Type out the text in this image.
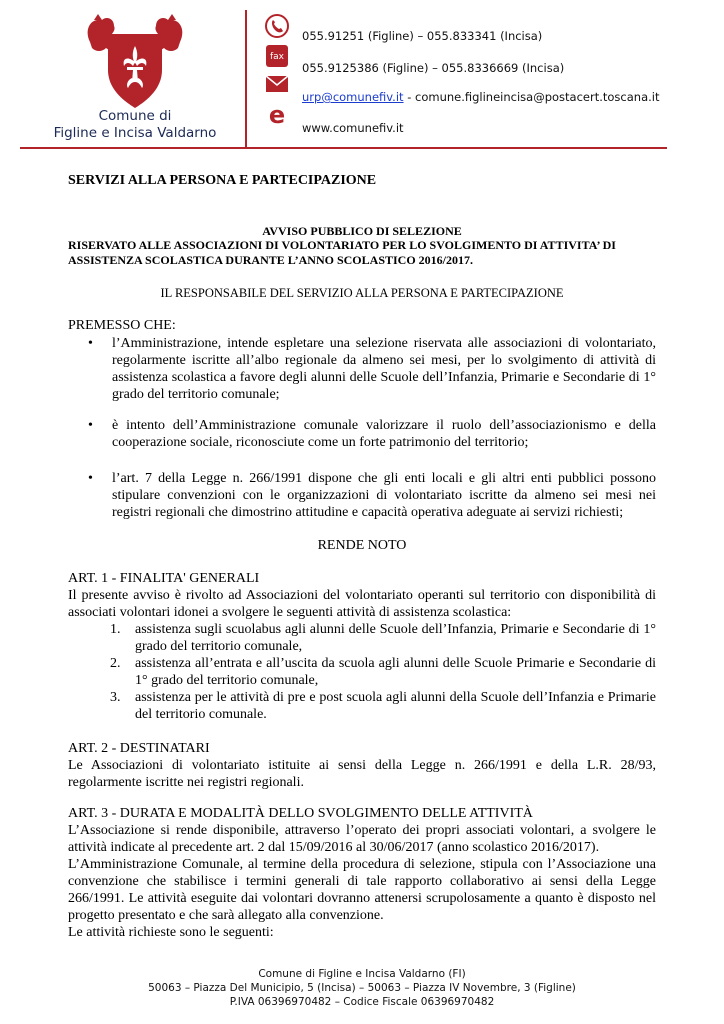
Comune di
Figline e Incisa Valdarno
055.91251 (Figline) – 055.833341 (Incisa)
fax
055.9125386 (Figline) – 055.8336669 (Incisa)
urp@comunefiv.it - comune.figlineincisa@postacert.toscana.it
e www.comunefiv.it
SERVIZI ALLA PERSONA E PARTECIPAZIONE
AVVISO PUBBLICO DI SELEZIONE
RISERVATO ALLE ASSOCIAZIONI DI VOLONTARIATO PER LO SVOLGIMENTO DI ATTIVITA’ DI ASSISTENZA SCOLASTICA DURANTE L’ANNO SCOLASTICO 2016/2017.
IL RESPONSABILE DEL SERVIZIO ALLA PERSONA E PARTECIPAZIONE
PREMESSO CHE:
• l’Amministrazione, intende espletare una selezione riservata alle associazioni di volontariato, regolarmente iscritte all’albo regionale da almeno sei mesi, per lo svolgimento di attività di assistenza scolastica a favore degli alunni delle Scuole dell’Infanzia, Primarie e Secondarie di 1° grado del territorio comunale;
• è intento dell’Amministrazione comunale valorizzare il ruolo dell’associazionismo e della cooperazione sociale, riconosciute come un forte patrimonio del territorio;
• l’art. 7 della Legge n. 266/1991 dispone che gli enti locali e gli altri enti pubblici possono stipulare convenzioni con le organizzazioni di volontariato iscritte da almeno sei mesi nei registri regionali che dimostrino attitudine e capacità operativa adeguate ai servizi richiesti;
RENDE NOTO
ART. 1 - FINALITA' GENERALI
Il presente avviso è rivolto ad Associazioni del volontariato operanti sul territorio con disponibilità di associati volontari idonei a svolgere le seguenti attività di assistenza scolastica:
1. assistenza sugli scuolabus agli alunni delle Scuole dell’Infanzia, Primarie e Secondarie di 1° grado del territorio comunale,
2. assistenza all’entrata e all’uscita da scuola agli alunni delle Scuole Primarie e Secondarie di 1° grado del territorio comunale,
3. assistenza per le attività di pre e post scuola agli alunni della Scuole dell’Infanzia e Primarie del territorio comunale.
ART. 2 - DESTINATARI
Le Associazioni di volontariato istituite ai sensi della Legge n. 266/1991 e della L.R. 28/93, regolarmente iscritte nei registri regionali.
ART. 3 - DURATA E MODALITÀ DELLO SVOLGIMENTO DELLE ATTIVITÀ
L’Associazione si rende disponibile, attraverso l’operato dei propri associati volontari, a svolgere le attività indicate al precedente art. 2 dal 15/09/2016 al 30/06/2017 (anno scolastico 2016/2017).
L’Amministrazione Comunale, al termine della procedura di selezione, stipula con l’Associazione una convenzione che stabilisce i termini generali di tale rapporto collaborativo ai sensi della Legge 266/1991. Le attività eseguite dai volontari dovranno attenersi scrupolosamente a quanto è disposto nel progetto presentato e che sarà allegato alla convenzione.
Le attività richieste sono le seguenti:
Comune di Figline e Incisa Valdarno (FI)
50063 – Piazza Del Municipio, 5 (Incisa) – 50063 – Piazza IV Novembre, 3 (Figline)
P.IVA 06396970482 – Codice Fiscale 06396970482
